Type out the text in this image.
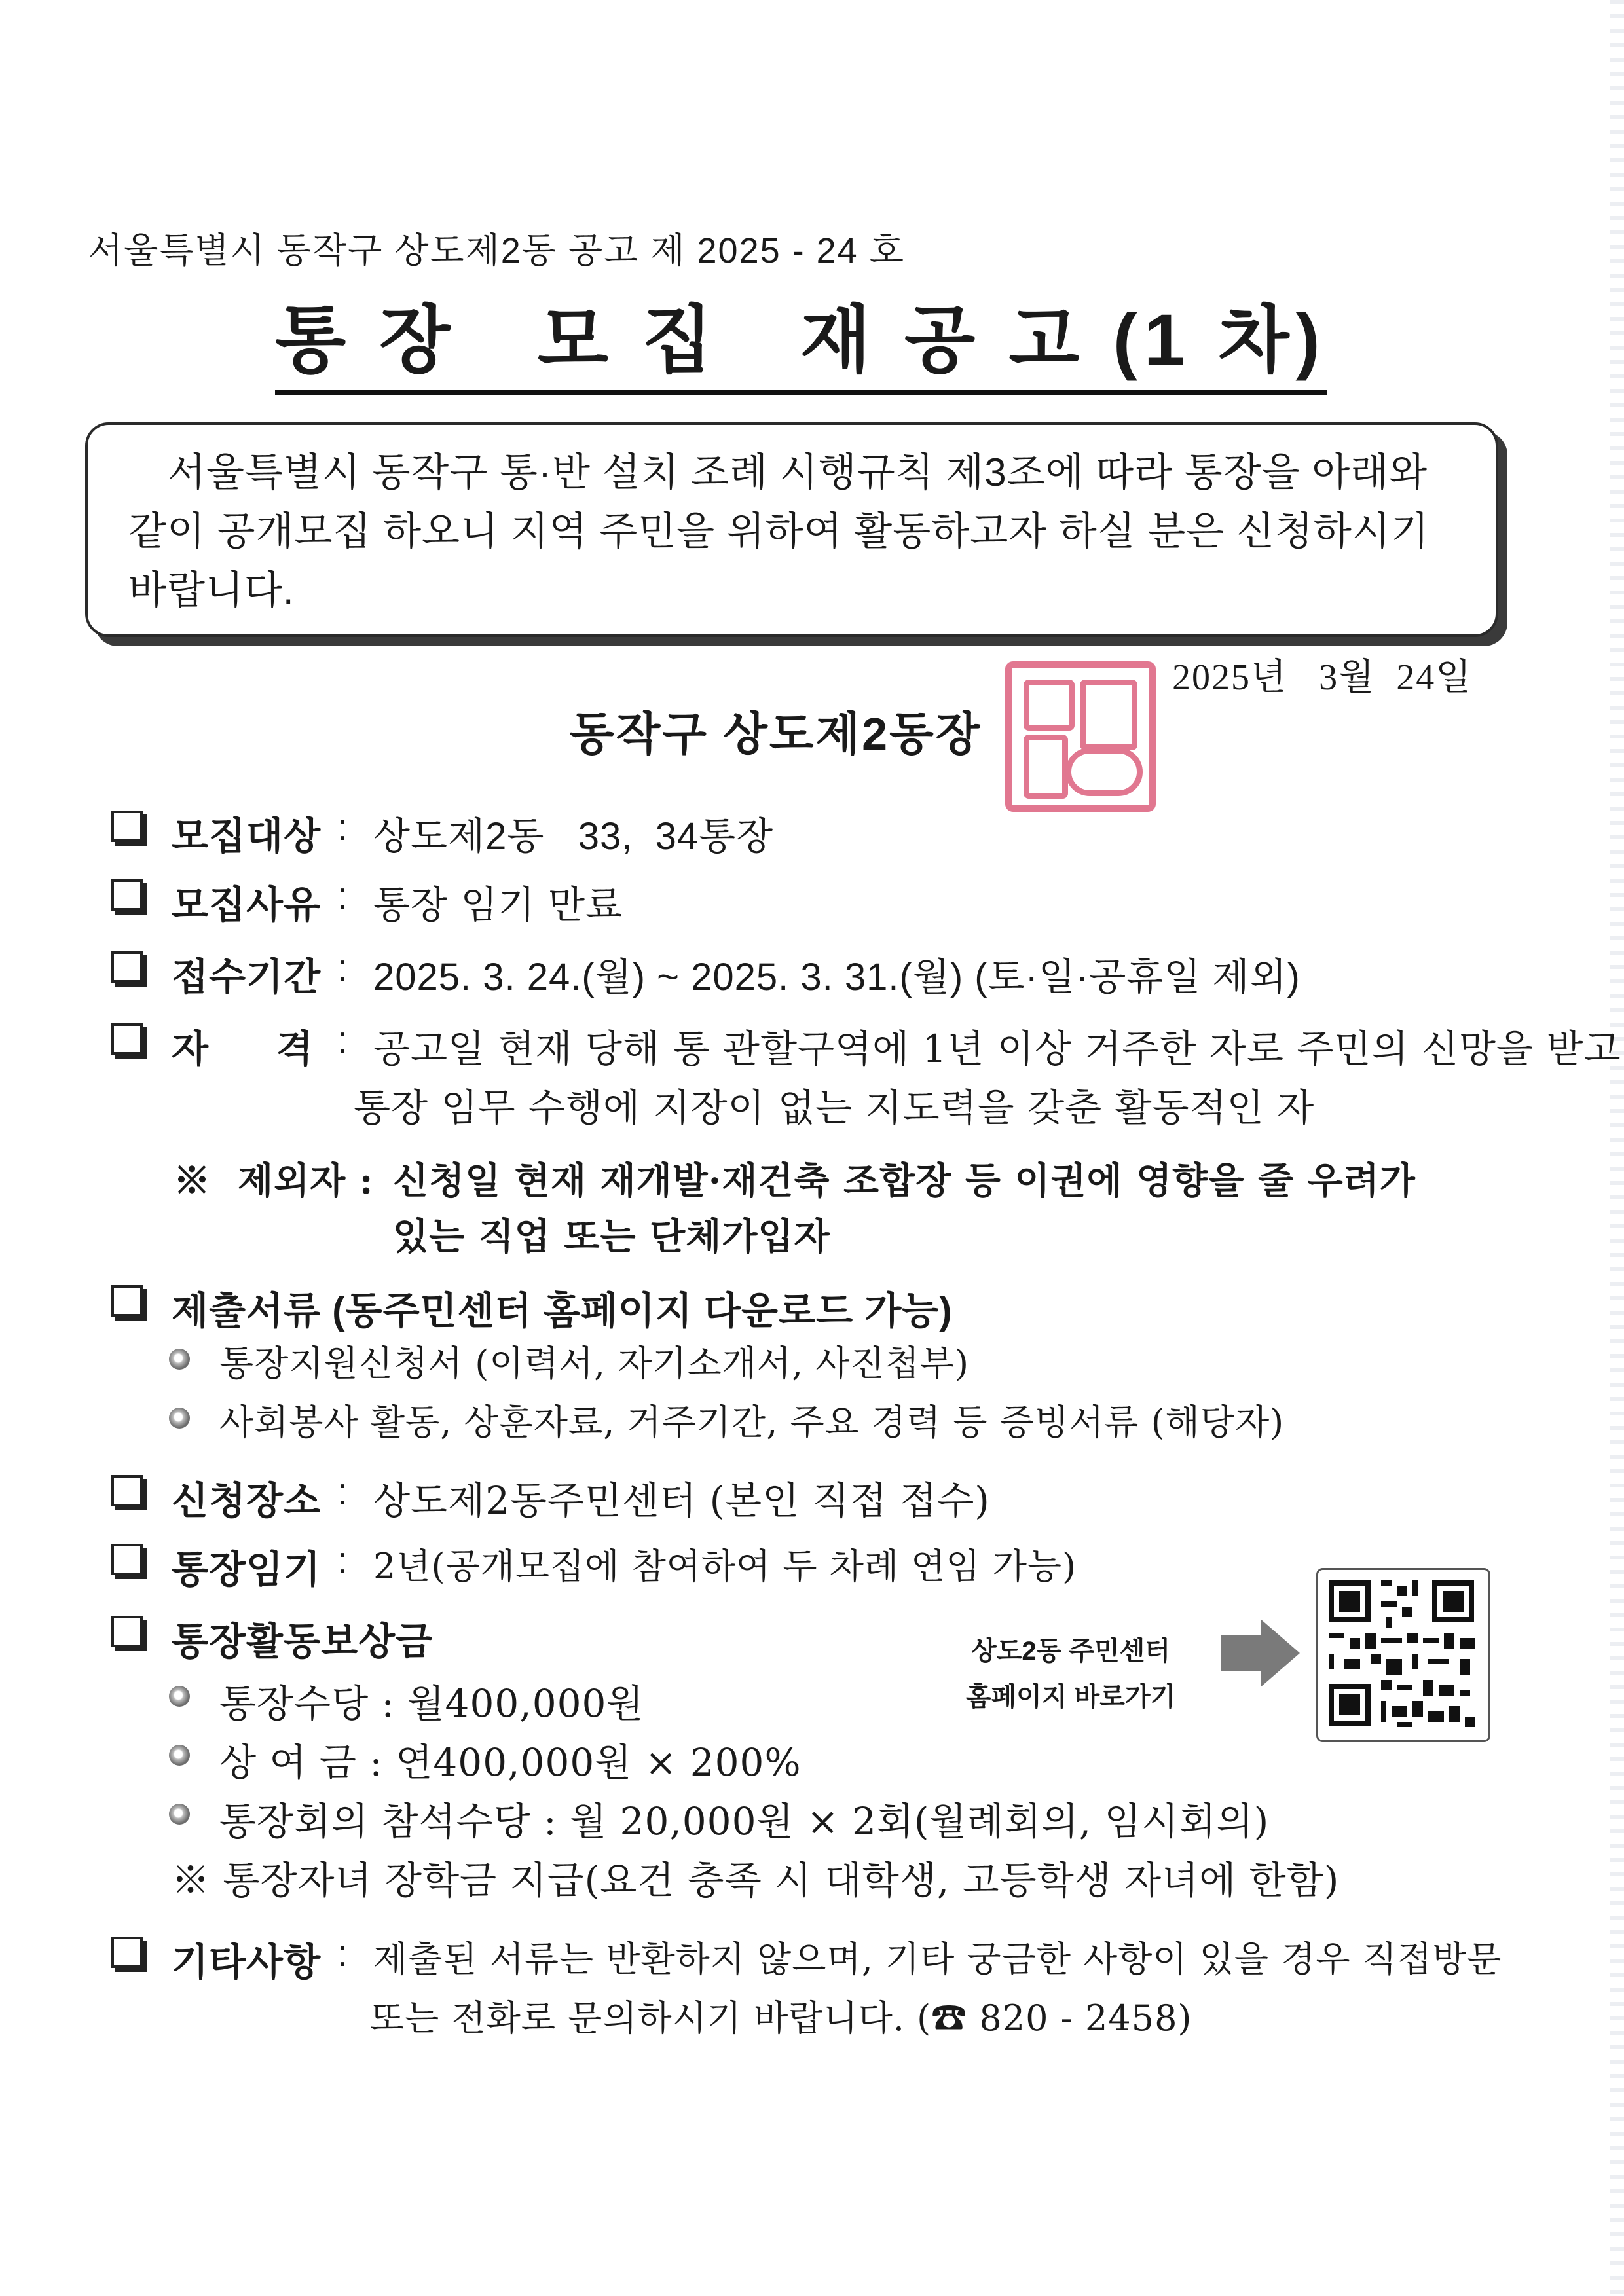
서울특별시 동작구 상도제2동 공고 제 2025 - 24 호
통 장   모 집   재 공 고 (1 차)
서울특별시 동작구 통·반 설치 조례 시행규칙 제3조에 따라 통장을 아래와 같이 공개모집 하오니 지역 주민을 위하여 활동하고자 하실 분은 신청하시기 바랍니다.
2025년   3월  24일
동작구 상도제2동장

모집대상

:

상도제2동   33,  34통장

모집사유

:

통장 임기 만료

접수기간

:

2025. 3. 24.(월) ~ 2025. 3. 31.(월) (토·일·공휴일 제외)

자      격

:

공고일 현재 당해 통 관할구역에 1년 이상 거주한 자로 주민의 신망을 받고

통장 임무 수행에 지장이 없는 지도력을 갖춘 활동적인 자
※  제외자 : 신청일 현재 재개발·재건축 조합장 등 이권에 영향을 줄 우려가
있는 직업 또는 단체가입자

제출서류 (동주민센터 홈페이지 다운로드 가능)

통장지원신청서 (이력서, 자기소개서, 사진첩부)
사회봉사 활동, 상훈자료, 거주기간, 주요 경력 등 증빙서류 (해당자)

신청장소

:

상도제2동주민센터 (본인 직접 접수)

통장임기

:

2년(공개모집에 참여하여 두 차례 연임 가능)

통장활동보상금

통장수당 : 월400,000원
상 여 금 : 연400,000원 × 200%
통장회의 참석수당 : 월 20,000원 × 2회(월례회의, 임시회의)
※ 통장자녀 장학금 지급(요건 충족 시 대학생, 고등학생 자녀에 한함)

기타사항

:

제출된 서류는 반환하지 않으며, 기타 궁금한 사항이 있을 경우 직접방문

또는 전화로 문의하시기 바랍니다. (☎ 820 - 2458)
상도2동 주민센터
홈페이지 바로가기
